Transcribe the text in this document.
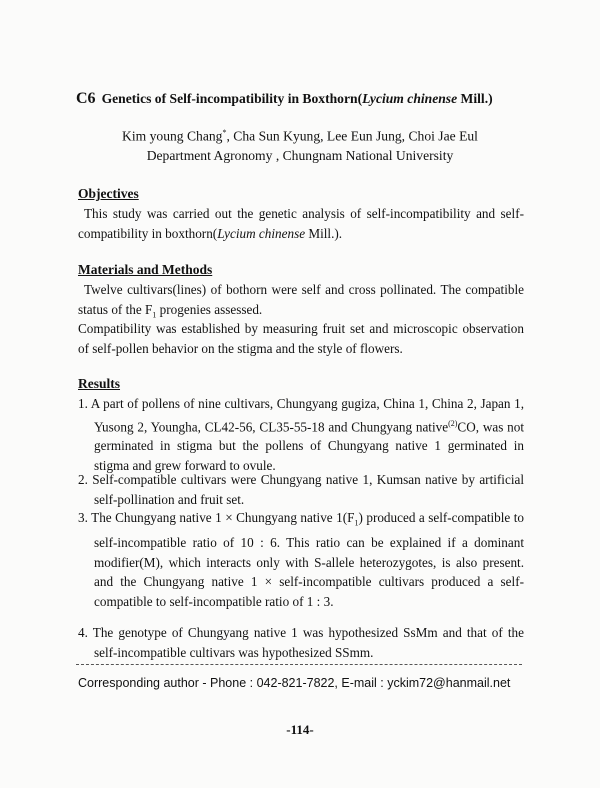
C6 Genetics of Self-incompatibility in Boxthorn(Lycium chinense Mill.)
Kim young Chang*, Cha Sun Kyung, Lee Eun Jung, Choi Jae Eul
Department Agronomy , Chungnam National University
Objectives
This study was carried out the genetic analysis of self-incompatibility and self-compatibility in boxthorn(Lycium chinense Mill.).
Materials and Methods
Twelve cultivars(lines) of bothorn were self and cross pollinated. The compatible status of the $F_1$ progenies assessed.
Compatibility was established by measuring fruit set and microscopic observation of self-pollen behavior on the stigma and the style of flowers.
Results
1. A part of pollens of nine cultivars, Chungyang gugiza, China 1, China 2, Japan 1, Yusong 2, Youngha, CL42-56, CL35-55-18 and Chungyang native$^{(2)}$CO, was not germinated in stigma but the pollens of Chungyang native 1 germinated in stigma and grew forward to ovule.
2. Self-compatible cultivars were Chungyang native 1, Kumsan native by artificial self-pollination and fruit set.
3. The Chungyang native 1 × Chungyang native $1(F_1)$ produced a self-compatible to self-incompatible ratio of 10 : 6. This ratio can be explained if a dominant modifier(M), which interacts only with S-allele heterozygotes, is also present. and the Chungyang native 1 × self-incompatible cultivars produced a self-compatible to self-incompatible ratio of 1 : 3.
4. The genotype of Chungyang native 1 was hypothesized SsMm and that of the self-incompatible cultivars was hypothesized SSmm.
Corresponding author - Phone : 042-821-7822, E-mail : yckim72@hanmail.net
-114-
